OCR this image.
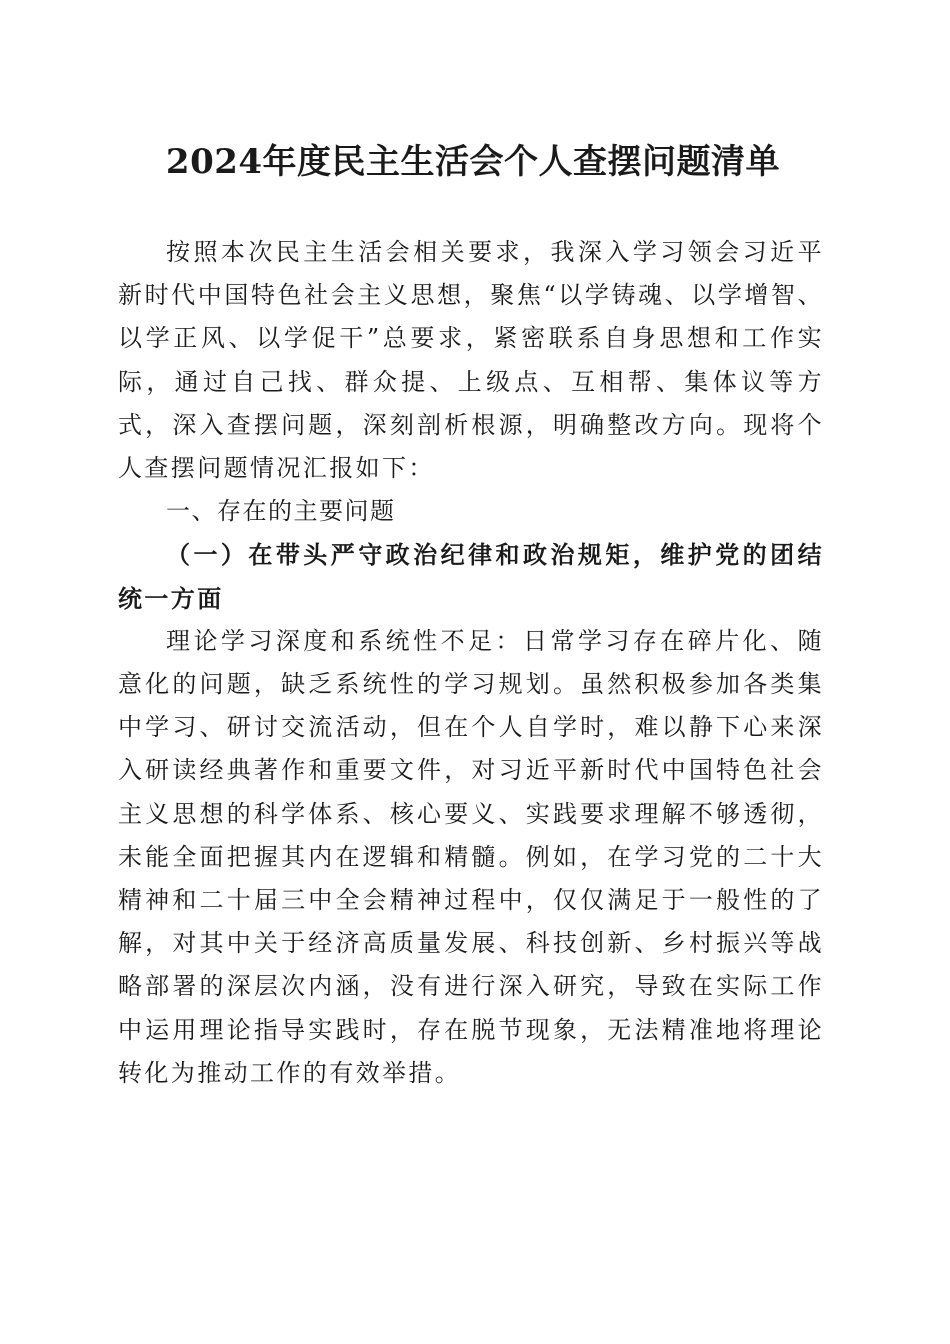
2024年度民主生活会个人查摆问题清单

按照本次民主生活会相关要求，我深入学习领会习近平新时代中国特色社会主义思想，聚焦“以学铸魂、以学增智、以学正风、以学促干”总要求，紧密联系自身思想和工作实际，通过自己找、群众提、上级点、互相帮、集体议等方式，深入查摆问题，深刻剖析根源，明确整改方向。现将个人查摆问题情况汇报如下：

一、存在的主要问题

（一）在带头严守政治纪律和政治规矩，维护党的团结统一方面

理论学习深度和系统性不足：日常学习存在碎片化、随意化的问题，缺乏系统性的学习规划。虽然积极参加各类集中学习、研讨交流活动，但在个人自学时，难以静下心来深入研读经典著作和重要文件，对习近平新时代中国特色社会主义思想的科学体系、核心要义、实践要求理解不够透彻，未能全面把握其内在逻辑和精髓。例如，在学习党的二十大精神和二十届三中全会精神过程中，仅仅满足于一般性的了解，对其中关于经济高质量发展、科技创新、乡村振兴等战略部署的深层次内涵，没有进行深入研究，导致在实际工作中运用理论指导实践时，存在脱节现象，无法精准地将理论转化为推动工作的有效举措。
